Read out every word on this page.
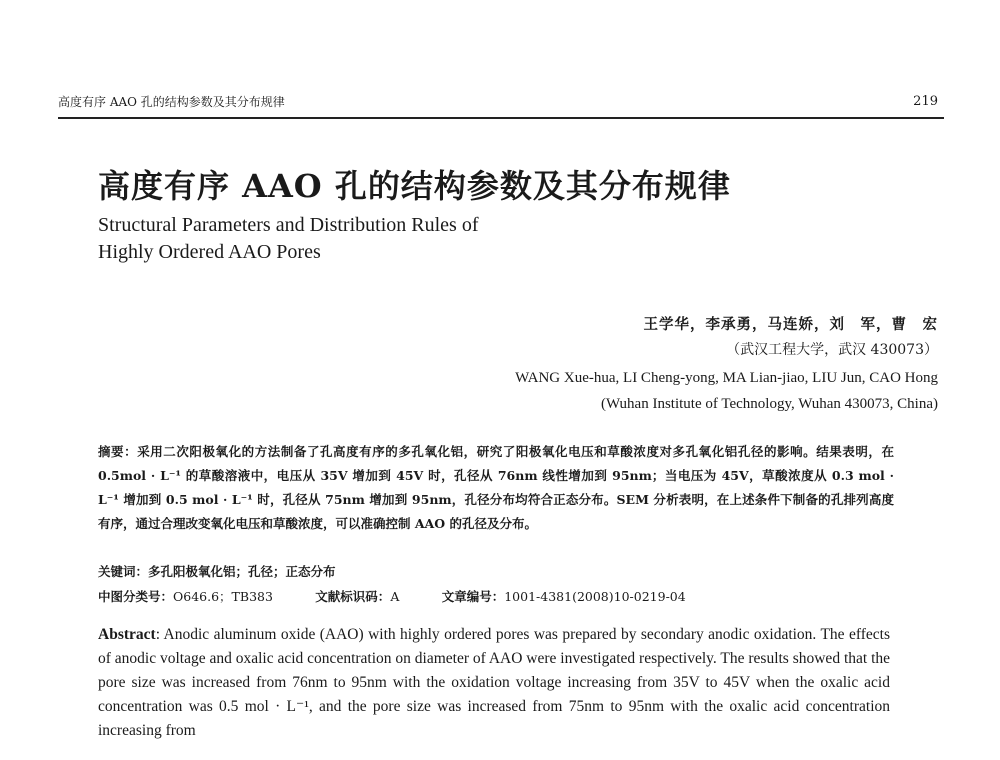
高度有序 AAO 孔的结构参数及其分布规律	219
高度有序 AAO 孔的结构参数及其分布规律
Structural Parameters and Distribution Rules of
Highly Ordered AAO Pores
王学华，李承勇，马连娇，刘　军，曹　宏
（武汉工程大学，武汉 430073）
WANG Xue-hua, LI Cheng-yong, MA Lian-jiao, LIU Jun, CAO Hong
(Wuhan Institute of Technology, Wuhan 430073, China)
摘要：采用二次阳极氧化的方法制备了孔高度有序的多孔氧化铝，研究了阳极氧化电压和草酸浓度对多孔氧化铝孔径的影响。结果表明，在 0.5mol · L⁻¹ 的草酸溶液中，电压从 35V 增加到 45V 时，孔径从 76nm 线性增加到 95nm；当电压为 45V，草酸浓度从 0.3 mol · L⁻¹ 增加到 0.5 mol · L⁻¹ 时，孔径从 75nm 增加到 95nm，孔径分布均符合正态分布。SEM 分析表明，在上述条件下制备的孔排列高度有序，通过合理改变氧化电压和草酸浓度，可以准确控制 AAO 的孔径及分布。
关键词：多孔阳极氧化铝；孔径；正态分布
中图分类号：O646.6；TB383	文献标识码：A	文章编号：1001-4381(2008)10-0219-04
Abstract: Anodic aluminum oxide (AAO) with highly ordered pores was prepared by secondary anodic oxidation. The effects of anodic voltage and oxalic acid concentration on diameter of AAO were investigated respectively. The results showed that the pore size was increased from 76nm to 95nm with the oxidation voltage increasing from 35V to 45V when the oxalic acid concentration was 0.5 mol · L⁻¹, and the pore size was increased from 75nm to 95nm with the oxalic acid concentration increasing from
